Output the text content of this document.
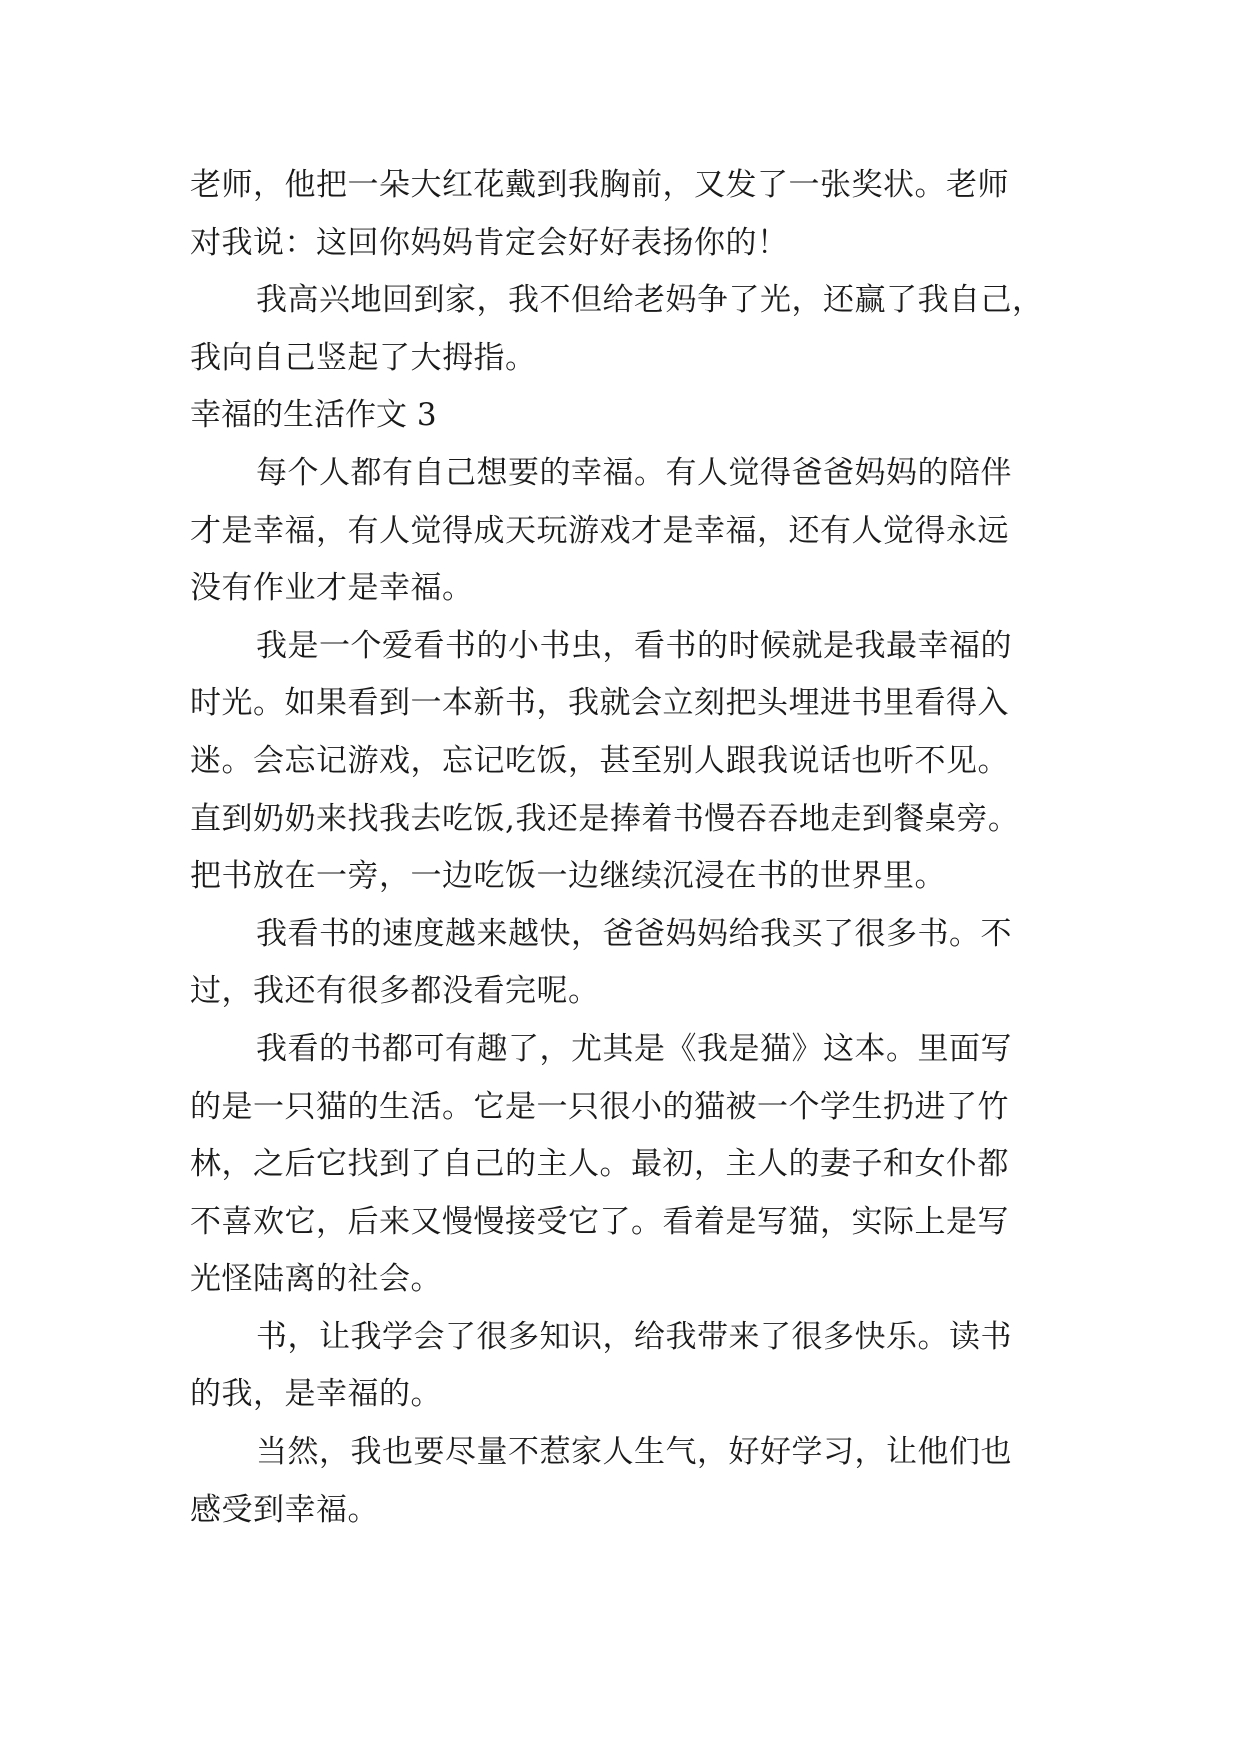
老师，他把一朵大红花戴到我胸前，又发了一张奖状。老师
对我说：这回你妈妈肯定会好好表扬你的！
我高兴地回到家，我不但给老妈争了光，还赢了我自己，
我向自己竖起了大拇指。
幸福的生活作文 3
每个人都有自己想要的幸福。有人觉得爸爸妈妈的陪伴
才是幸福，有人觉得成天玩游戏才是幸福，还有人觉得永远
没有作业才是幸福。
我是一个爱看书的小书虫，看书的时候就是我最幸福的
时光。如果看到一本新书，我就会立刻把头埋进书里看得入
迷。会忘记游戏，忘记吃饭，甚至别人跟我说话也听不见。
直到奶奶来找我去吃饭,我还是捧着书慢吞吞地走到餐桌旁。
把书放在一旁，一边吃饭一边继续沉浸在书的世界里。
我看书的速度越来越快，爸爸妈妈给我买了很多书。不
过，我还有很多都没看完呢。
我看的书都可有趣了，尤其是《我是猫》这本。里面写
的是一只猫的生活。它是一只很小的猫被一个学生扔进了竹
林，之后它找到了自己的主人。最初，主人的妻子和女仆都
不喜欢它，后来又慢慢接受它了。看着是写猫，实际上是写
光怪陆离的社会。
书，让我学会了很多知识，给我带来了很多快乐。读书
的我，是幸福的。
当然，我也要尽量不惹家人生气，好好学习，让他们也
感受到幸福。
